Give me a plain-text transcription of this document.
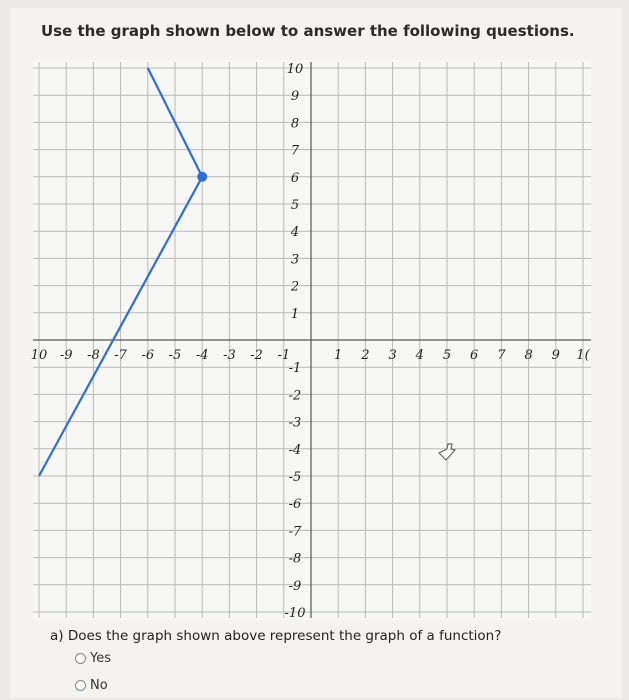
Use the graph shown below to answer the following questions.
10 -9 -8 -7 -6 -5 -4 -3 -2 -1	1 2 3 4 5 6 7 8 9 1(
-10
-9
-8
-7
-6
-5
-4
-3
-2
-1
1
2
3
4
5
6
7
8
9
10
a) Does the graph shown above represent the graph of a function?
Yes
No
